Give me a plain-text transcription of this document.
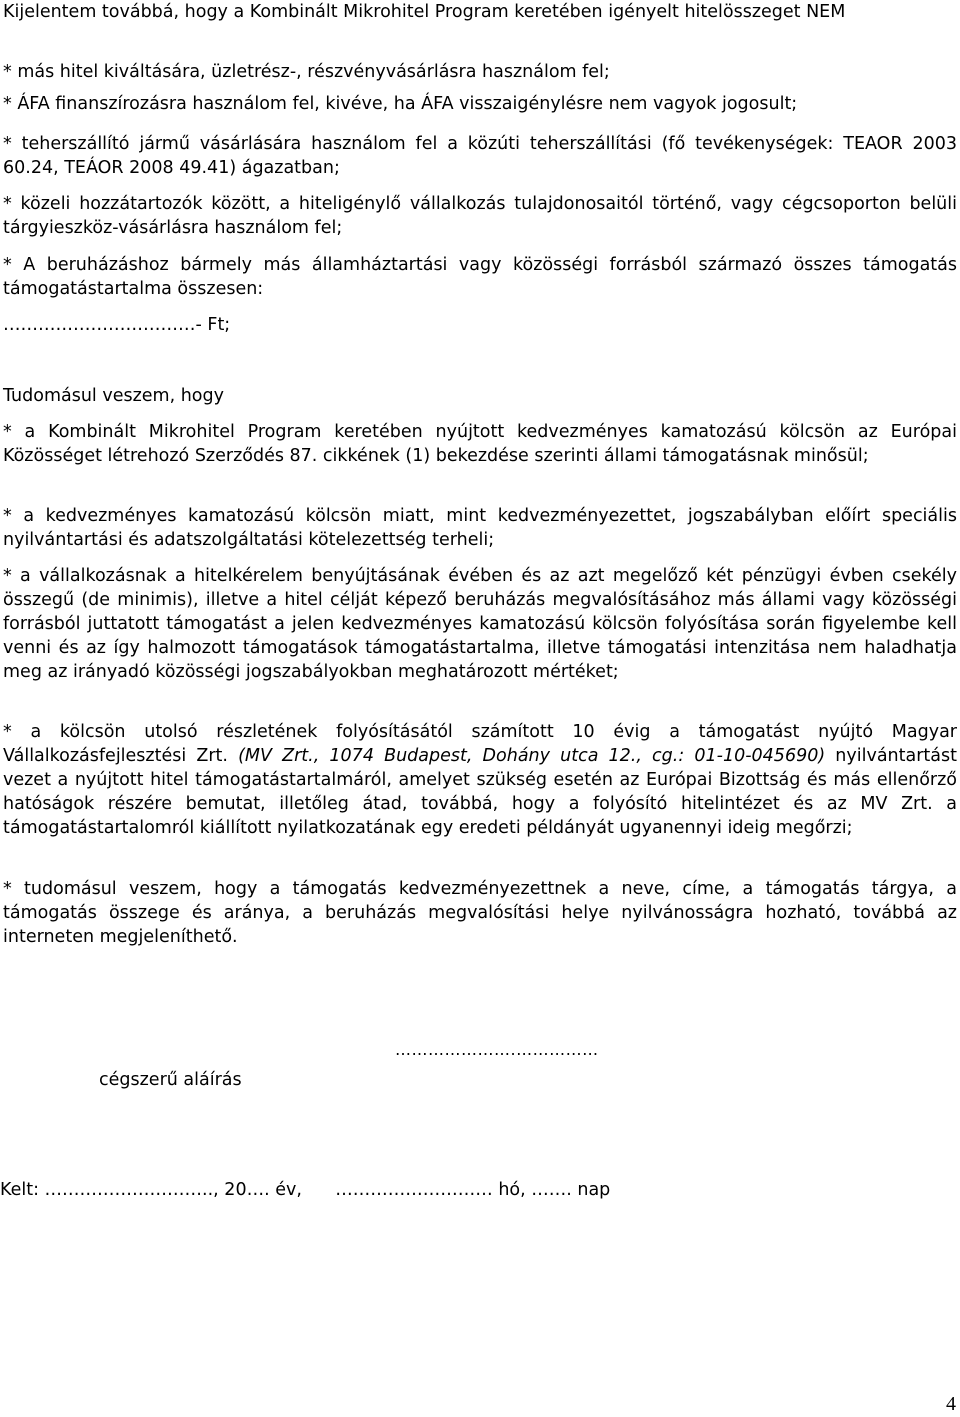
Kijelentem továbbá, hogy a Kombinált Mikrohitel Program keretében igényelt hitelösszeget NEM

* más hitel kiváltására, üzletrész-, részvényvásárlásra használom fel;

* ÁFA finanszírozásra használom fel, kivéve, ha ÁFA visszaigénylésre nem vagyok jogosult;

* teherszállító jármű vásárlására használom fel a közúti teherszállítási (fő tevékenységek: TEAOR 2003 60.24, TEÁOR 2008 49.41) ágazatban;

* közeli hozzátartozók között, a hiteligénylő vállalkozás tulajdonosaitól történő, vagy cégcsoporton belüli tárgyieszköz-vásárlásra használom fel;

* A beruházáshoz bármely más államháztartási vagy közösségi forrásból származó összes támogatás támogatástartalma összesen:

……………………………- Ft;

Tudomásul veszem, hogy

* a Kombinált Mikrohitel Program keretében nyújtott kedvezményes kamatozású kölcsön az Európai Közösséget létrehozó Szerződés 87. cikkének (1) bekezdése szerinti állami támogatásnak minősül;

* a kedvezményes kamatozású kölcsön miatt, mint kedvezményezettet, jogszabályban előírt speciális nyilvántartási és adatszolgáltatási kötelezettség terheli;

* a vállalkozásnak a hitelkérelem benyújtásának évében és az azt megelőző két pénzügyi évben csekély összegű (de minimis), illetve a hitel célját képező beruházás megvalósításához más állami vagy közösségi forrásból juttatott támogatást a jelen kedvezményes kamatozású kölcsön folyósítása során figyelembe kell venni és az így halmozott támogatások támogatástartalma, illetve támogatási intenzitása nem haladhatja meg az irányadó közösségi jogszabályokban meghatározott mértéket;

* a kölcsön utolsó részletének folyósításától számított 10 évig a támogatást nyújtó Magyar Vállalkozásfejlesztési Zrt. (MV Zrt., 1074 Budapest, Dohány utca 12., cg.: 01-10-045690) nyilvántartást vezet a nyújtott hitel támogatástartalmáról, amelyet szükség esetén az Európai Bizottság és más ellenőrző hatóságok részére bemutat, illetőleg átad, továbbá, hogy a folyósító hitelintézet és az MV Zrt. a támogatástartalomról kiállított nyilatkozatának egy eredeti példányát ugyanennyi ideig megőrzi;

* tudomásul veszem, hogy a támogatás kedvezményezettnek a neve, címe, a támogatás tárgya, a támogatás összege és aránya, a beruházás megvalósítási helye nyilvánosságra hozható, továbbá az interneten megjeleníthető.

………………….……………
cégszerű aláírás
Kelt: ……………………….., 20…. év,      ……………………… hó, ……. nap
4
